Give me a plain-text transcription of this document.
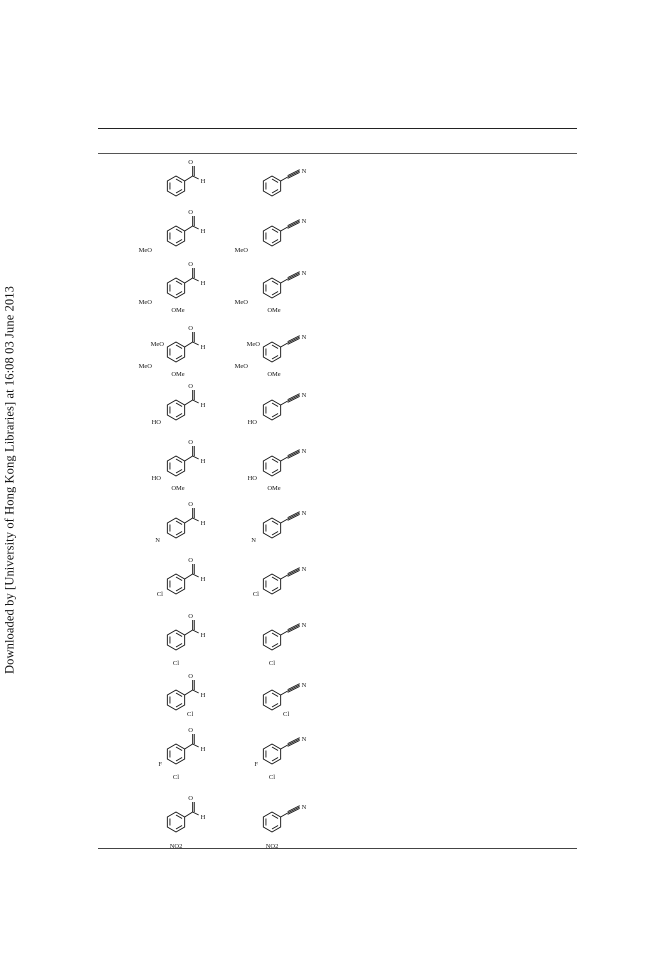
Downloaded by [University of Hong Kong Libraries] at 16:08 03 June 2013
O
H
N
O
H
MeO
N
MeO
O
H
MeO
OMe
N
MeO
OMe
O
H
MeO
MeO
OMe
N
MeO
MeO
OMe
O
H
HO
N
HO
O
H
HO
OMe
N
HO
OMe
O
H
N
N
N
O
H
Cl
N
Cl
O
H
Cl
N
Cl
O
H
Cl
N
Cl
O
H
F
Cl
N
F
Cl
O
H
NO2
N
NO2
